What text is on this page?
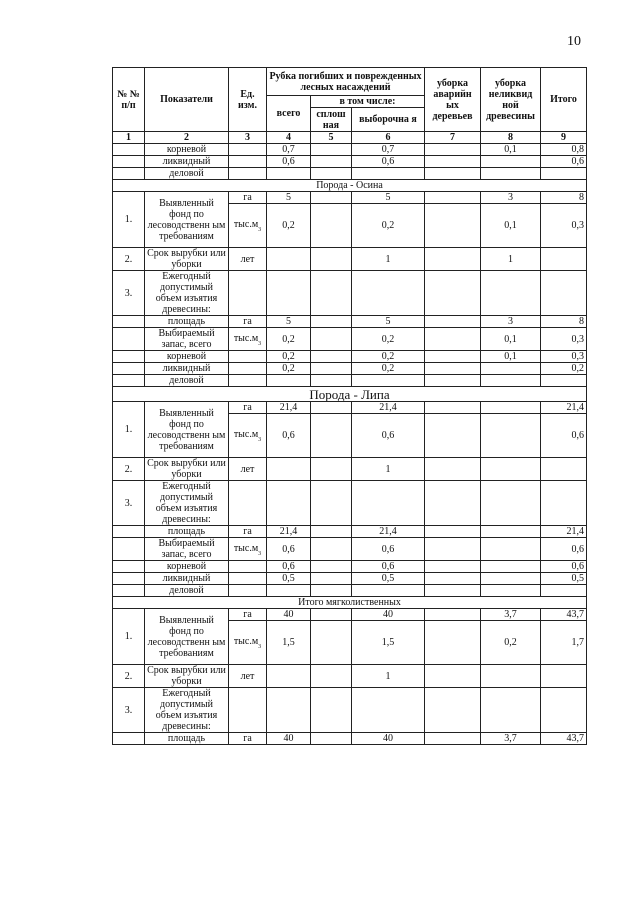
10
№ № п/п	Показатели	Ед. изм.	Рубка погибших и поврежденных лесных насаждений			уборка аварийн ых деревьев	уборка неликвид ной древесины	Итого
			всего	в том числе:				
				сплош ная	выборочна я			
1	2	3	4	5	6	7	8	9
	корневой		0,7		0,7		0,1	0,8
	ликвидный		0,6		0,6			0,6
	деловой							
Порода - Осина								
1.	Выявленный фонд по лесоводственн ым требованиям	га	5		5		3	8
		$тыс.м_3$	0,2		0,2		0,1	0,3
2.	Срок вырубки или уборки	лет			1		1	
3.	Ежегодный допустимый объем изъятия древесины:							
	площадь	га	5		5		3	8
	Выбираемый запас, всего	$тыс.м_3$	0,2		0,2		0,1	0,3
	корневой		0,2		0,2		0,1	0,3
	ликвидный		0,2		0,2			0,2
	деловой							
Порода - Липа								
1.	Выявленный фонд по лесоводственн ым требованиям	га	21,4		21,4			21,4
		$тыс.м_3$	0,6		0,6			0,6
2.	Срок вырубки или уборки	лет			1			
3.	Ежегодный допустимый объем изъятия древесины:							
	площадь	га	21,4		21,4			21,4
	Выбираемый запас, всего	$тыс.м_3$	0,6		0,6			0,6
	корневой		0,6		0,6			0,6
	ликвидный		0,5		0,5			0,5
	деловой							
Итого мягколиственных								
1.	Выявленный фонд по лесоводственн ым требованиям	га	40		40		3,7	43,7
		$тыс.м_3$	1,5		1,5		0,2	1,7
2.	Срок вырубки или уборки	лет			1			
3.	Ежегодный допустимый объем изъятия древесины:							
	площадь	га	40		40		3,7	43,7
